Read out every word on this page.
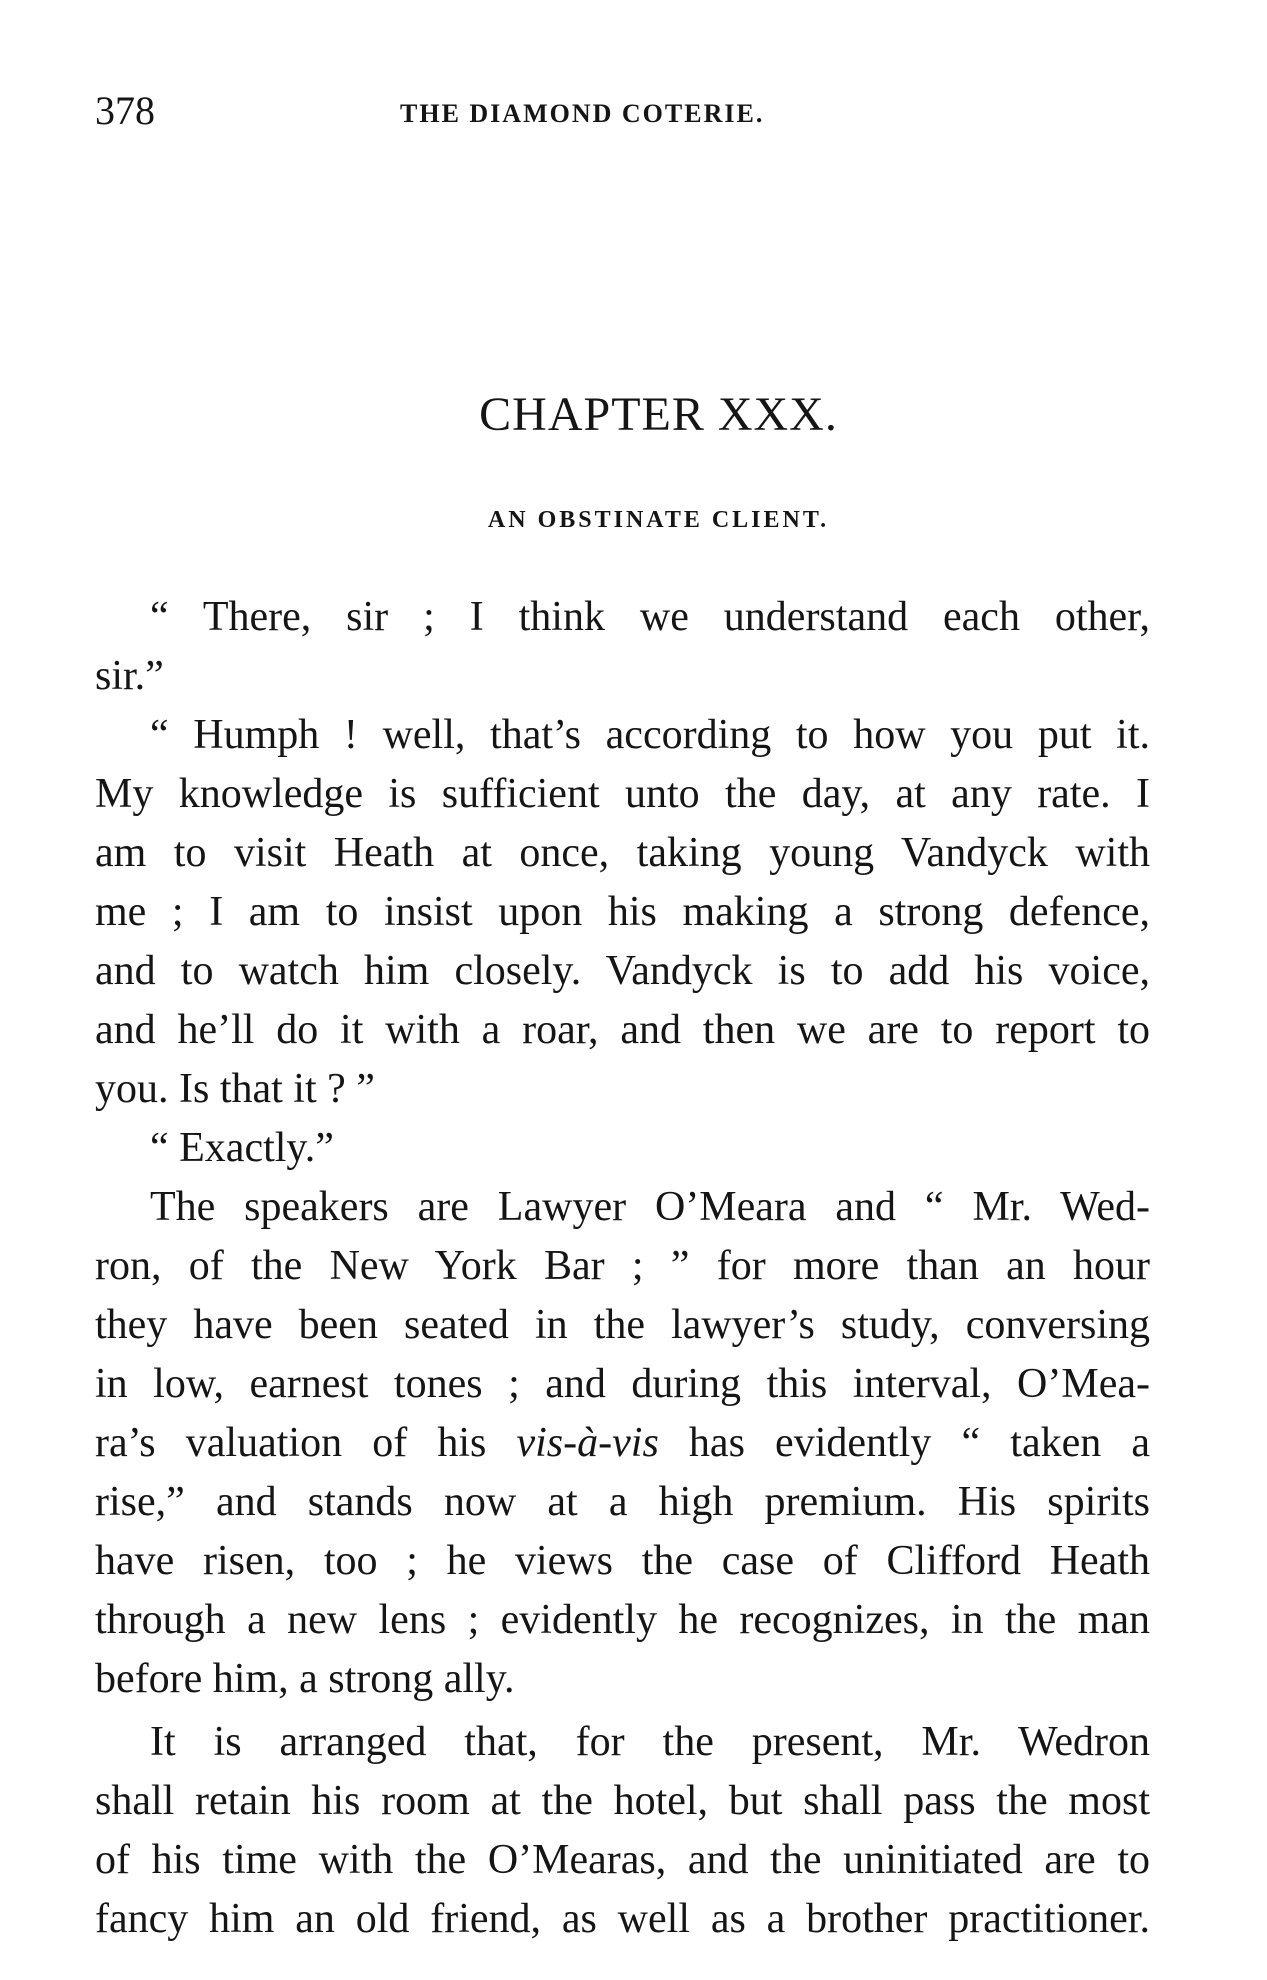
378	THE DIAMOND COTERIE.
CHAPTER XXX.
AN OBSTINATE CLIENT.
“ There, sir ; I think we understand each other,
sir.”
“ Humph ! well, that’s according to how you put it.
My knowledge is sufficient unto the day, at any rate. I
am to visit Heath at once, taking young Vandyck with
me ; I am to insist upon his making a strong defence,
and to watch him closely. Vandyck is to add his voice,
and he’ll do it with a roar, and then we are to report to
you. Is that it ? ”
“ Exactly.”
The speakers are Lawyer O’Meara and “ Mr. Wed-
ron, of the New York Bar ; ” for more than an hour
they have been seated in the lawyer’s study, conversing
in low, earnest tones ; and during this interval, O’Mea-
ra’s valuation of his vis-à-vis has evidently “ taken a
rise,” and stands now at a high premium. His spirits
have risen, too ; he views the case of Clifford Heath
through a new lens ; evidently he recognizes, in the man
before him, a strong ally.
It is arranged that, for the present, Mr. Wedron
shall retain his room at the hotel, but shall pass the most
of his time with the O’Mearas, and the uninitiated are to
fancy him an old friend, as well as a brother practitioner.
